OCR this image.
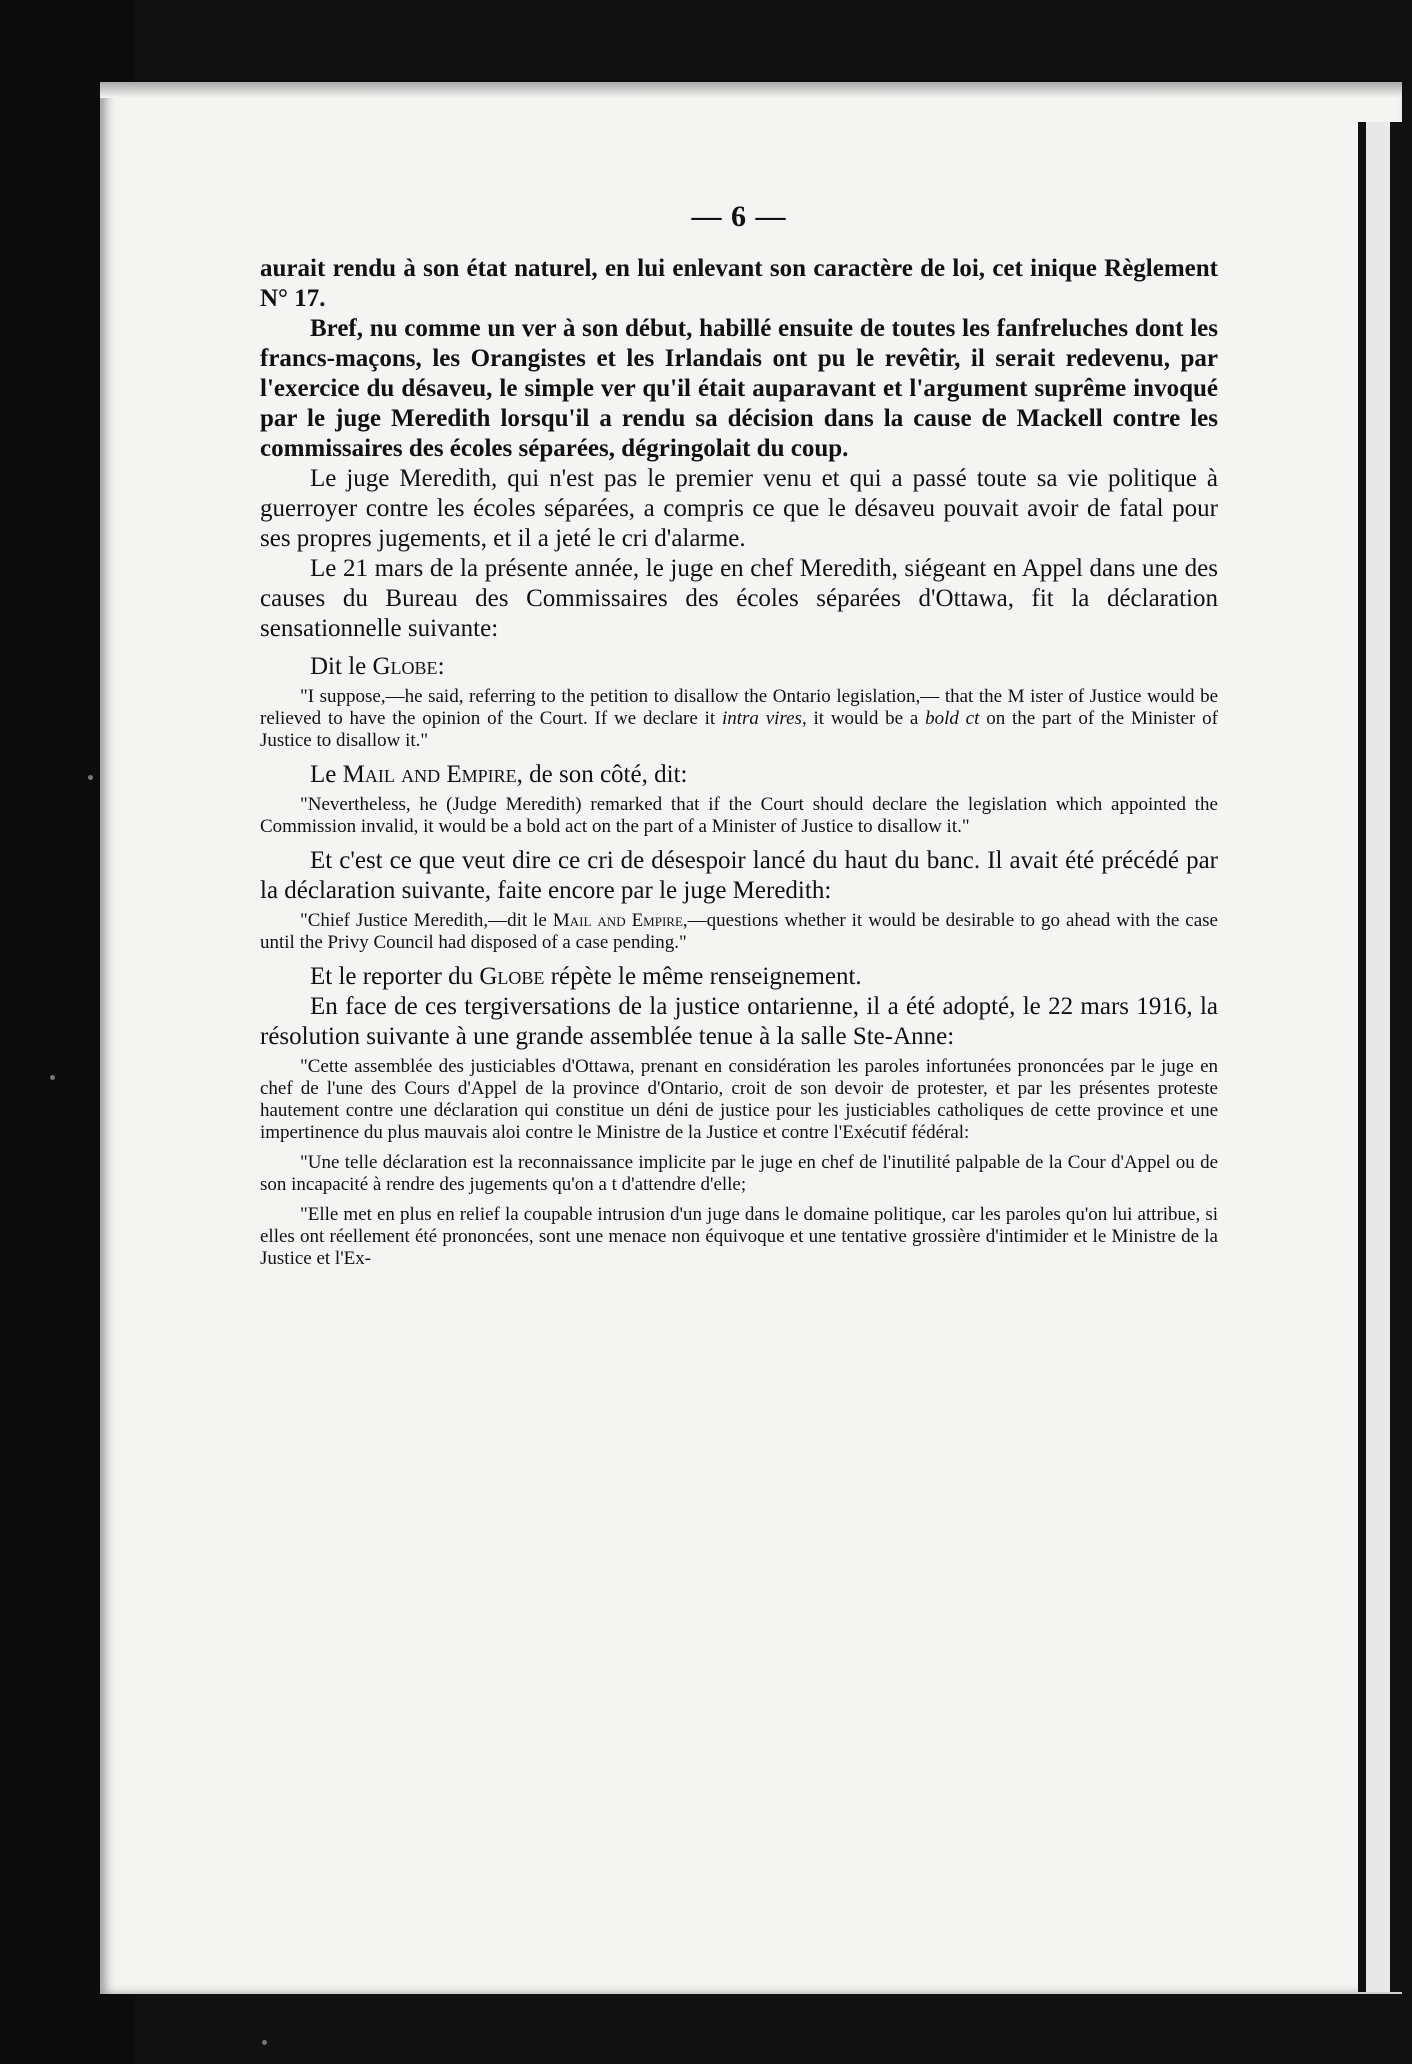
— 6 —

aurait rendu à son état naturel, en lui enlevant son caractère de loi, cet inique Règlement N° 17.

Bref, nu comme un ver à son début, habillé ensuite de toutes les fanfreluches dont les francs-maçons, les Orangistes et les Irlandais ont pu le revêtir, il serait redevenu, par l'exercice du désaveu, le simple ver qu'il était auparavant et l'argument suprême invoqué par le juge Meredith lorsqu'il a rendu sa décision dans la cause de Mackell contre les commissaires des écoles séparées, dégringolait du coup.

Le juge Meredith, qui n'est pas le premier venu et qui a passé toute sa vie politique à guerroyer contre les écoles séparées, a compris ce que le désaveu pouvait avoir de fatal pour ses propres jugements, et il a jeté le cri d'alarme.

Le 21 mars de la présente année, le juge en chef Meredith, siégeant en Appel dans une des causes du Bureau des Commissaires des écoles séparées d'Ottawa, fit la déclaration sensationnelle suivante:

Dit le Globe:

"I suppose,—he said, referring to the petition to disallow the Ontario legislation,— that the M ister of Justice would be relieved to have the opinion of the Court. If we declare it intra vires, it would be a bold ct on the part of the Minister of Justice to disallow it."

Le Mail and Empire, de son côté, dit:

"Nevertheless, he (Judge Meredith) remarked that if the Court should declare the legislation which appointed the Commission invalid, it would be a bold act on the part of a Minister of Justice to disallow it."

Et c'est ce que veut dire ce cri de désespoir lancé du haut du banc. Il avait été précédé par la déclaration suivante, faite encore par le juge Meredith:

"Chief Justice Meredith,—dit le Mail and Empire,—questions whether it would be desirable to go ahead with the case until the Privy Council had disposed of a case pending."

Et le reporter du Globe répète le même renseignement.

En face de ces tergiversations de la justice ontarienne, il a été adopté, le 22 mars 1916, la résolution suivante à une grande assemblée tenue à la salle Ste-Anne:

"Cette assemblée des justiciables d'Ottawa, prenant en considération les paroles infortunées prononcées par le juge en chef de l'une des Cours d'Appel de la province d'Ontario, croit de son devoir de protester, et par les présentes proteste hautement contre une déclaration qui constitue un déni de justice pour les justiciables catholiques de cette province et une impertinence du plus mauvais aloi contre le Ministre de la Justice et contre l'Exécutif fédéral:

"Une telle déclaration est la reconnaissance implicite par le juge en chef de l'inutilité palpable de la Cour d'Appel ou de son incapacité à rendre des jugements qu'on a t d'attendre d'elle;

"Elle met en plus en relief la coupable intrusion d'un juge dans le domaine politique, car les paroles qu'on lui attribue, si elles ont réellement été prononcées, sont une menace non équivoque et une tentative grossière d'intimider et le Ministre de la Justice et l'Ex-
